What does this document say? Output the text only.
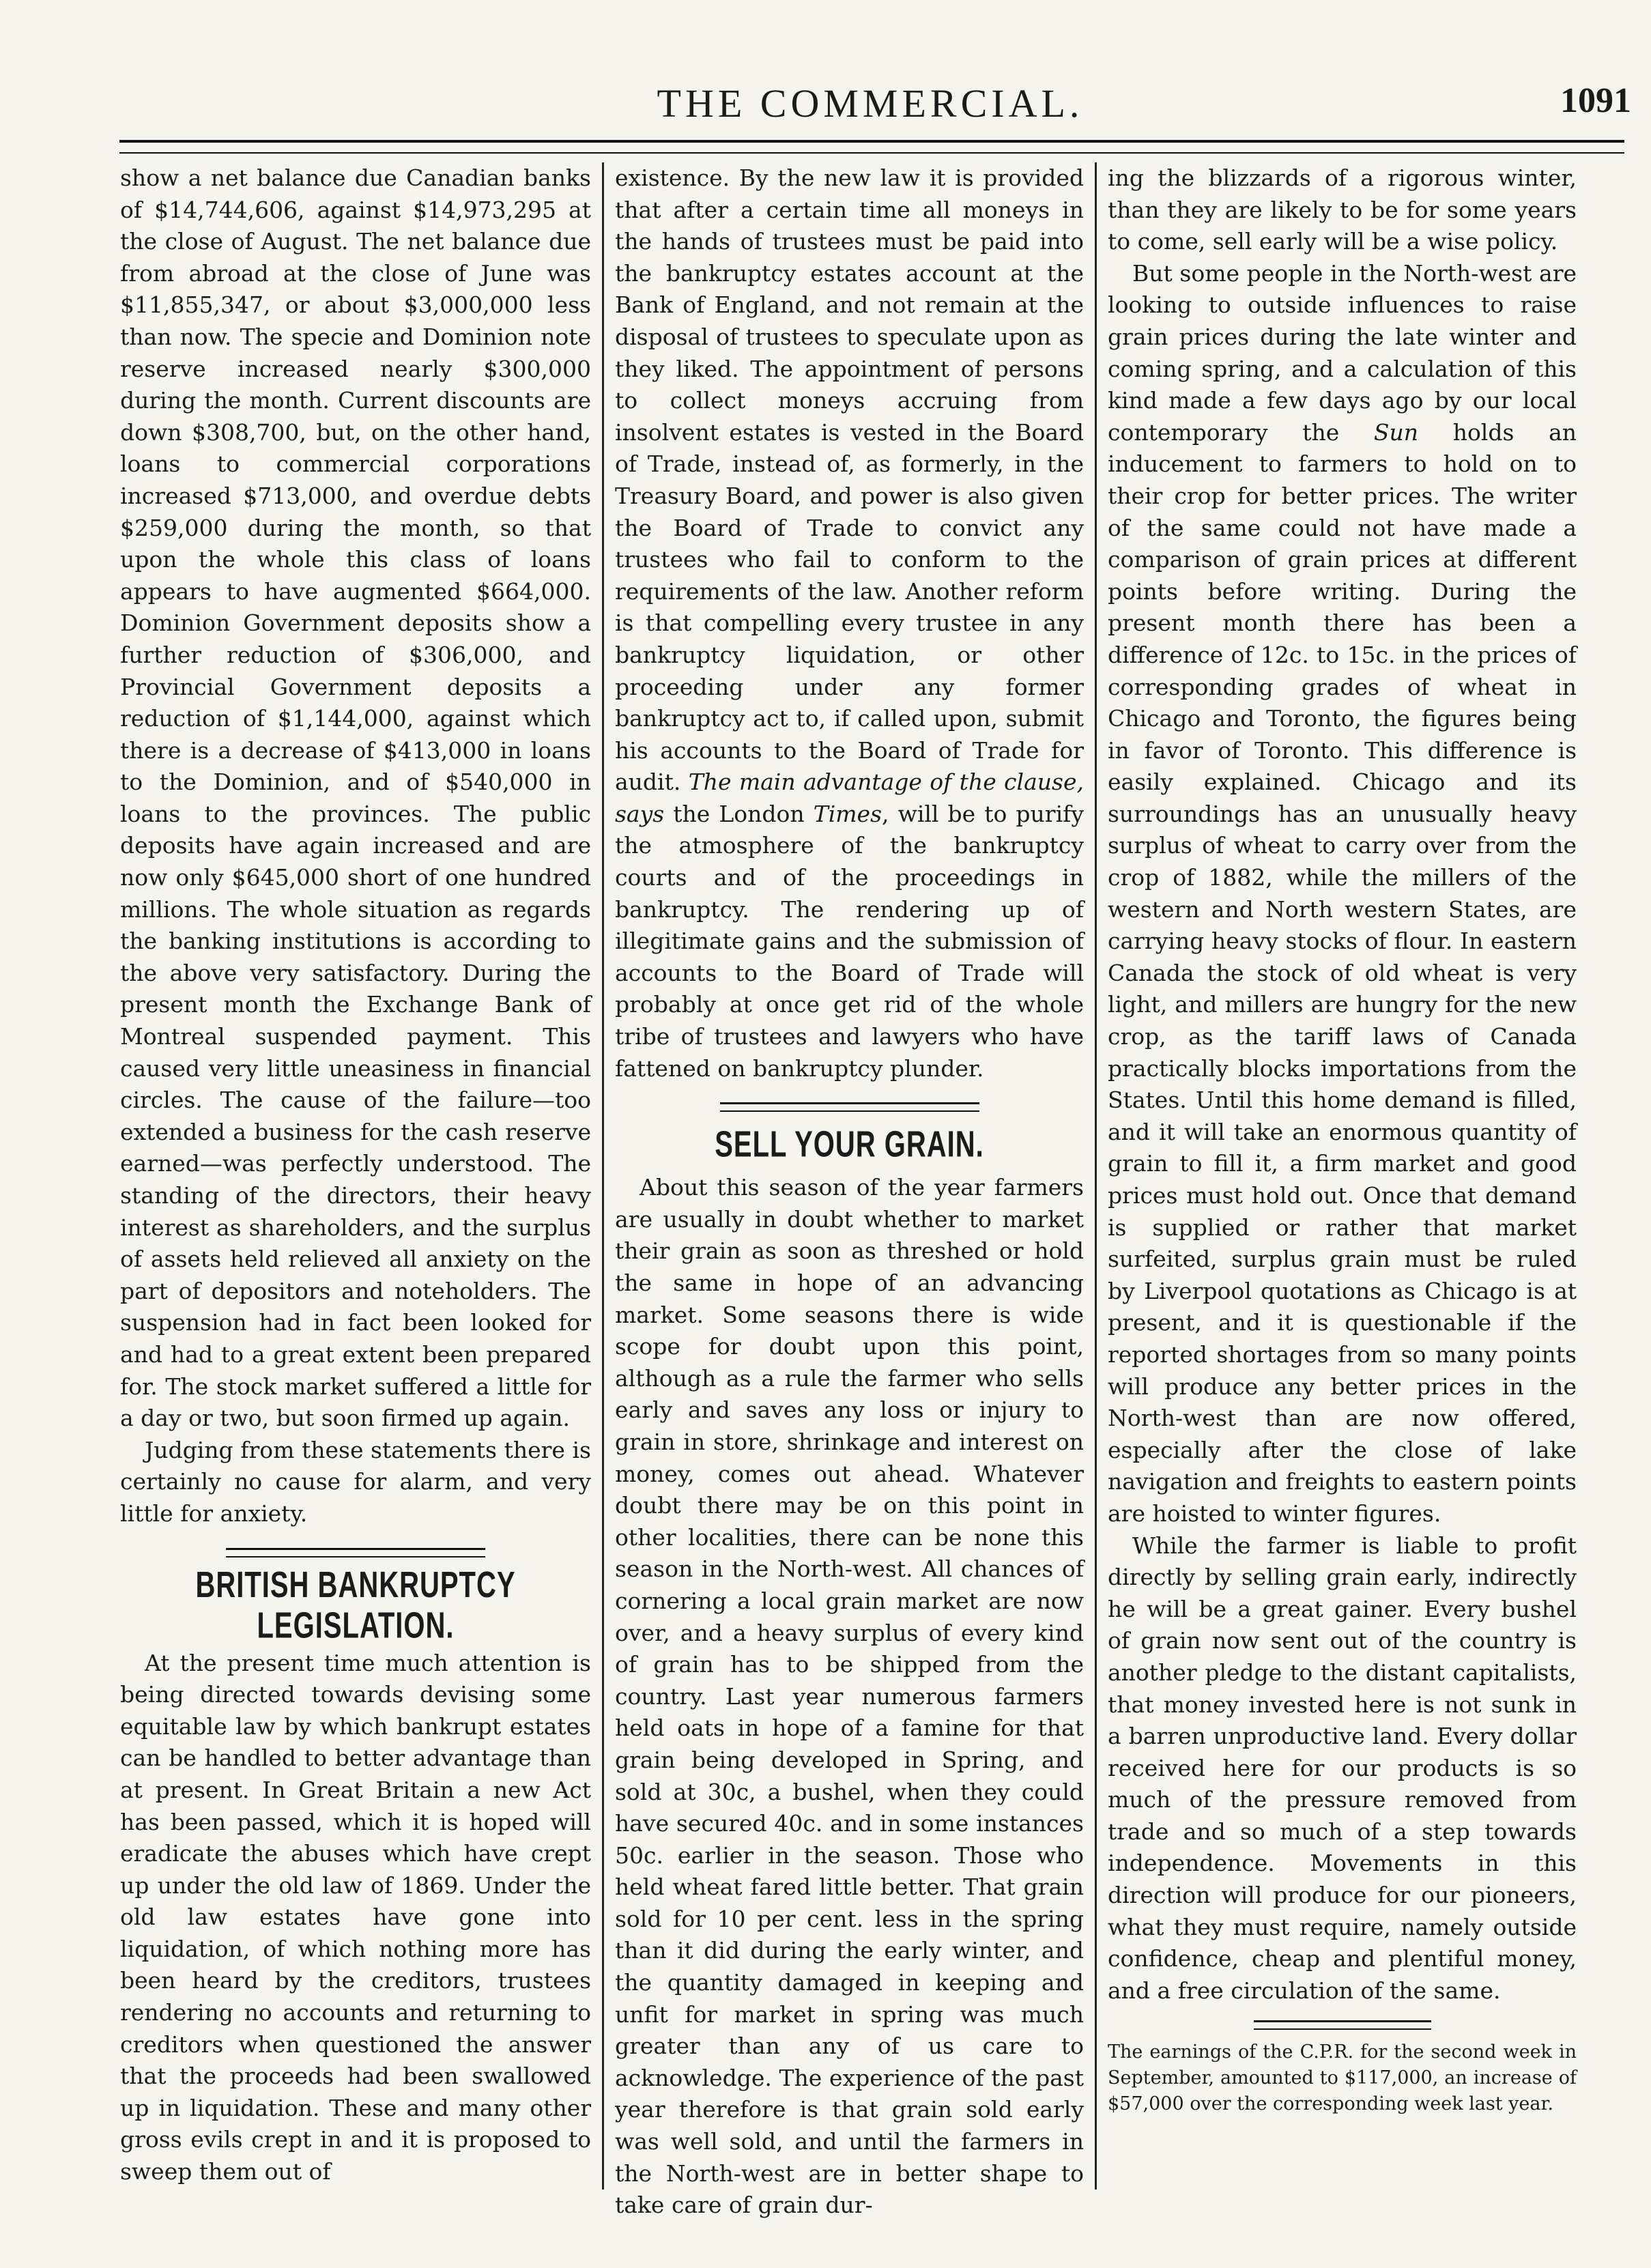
THE COMMERCIAL.	1091

show a net balance due Canadian banks of $14,744,606, against $14,973,295 at the close of August. The net balance due from abroad at the close of June was $11,855,347, or about $3,000,000 less than now. The specie and Dominion note reserve increased nearly $300,000 during the month. Current discounts are down $308,700, but, on the other hand, loans to commercial corporations increased $713,000, and overdue debts $259,000 during the month, so that upon the whole this class of loans appears to have augmented $664,000. Dominion Government deposits show a further reduction of $306,000, and Provincial Government deposits a reduction of $1,144,000, against which there is a decrease of $413,000 in loans to the Dominion, and of $540,000 in loans to the provinces. The public deposits have again increased and are now only $645,000 short of one hundred millions. The whole situation as regards the banking institutions is according to the above very satisfactory. During the present month the Exchange Bank of Montreal suspended payment. This caused very little uneasiness in financial circles. The cause of the failure—too extended a business for the cash reserve earned—was perfectly understood. The standing of the directors, their heavy interest as shareholders, and the surplus of assets held relieved all anxiety on the part of depositors and noteholders. The suspension had in fact been looked for and had to a great extent been prepared for. The stock market suffered a little for a day or two, but soon firmed up again.

Judging from these statements there is certainly no cause for alarm, and very little for anxiety.

BRITISH BANKRUPTCY LEGISLATION.

At the present time much attention is being directed towards devising some equitable law by which bankrupt estates can be handled to better advantage than at present. In Great Britain a new Act has been passed, which it is hoped will eradicate the abuses which have crept up under the old law of 1869. Under the old law estates have gone into liquidation, of which nothing more has been heard by the creditors, trustees rendering no accounts and returning to creditors when questioned the answer that the proceeds had been swallowed up in liquidation. These and many other gross evils crept in and it is proposed to sweep them out of

existence. By the new law it is provided that after a certain time all moneys in the hands of trustees must be paid into the bankruptcy estates account at the Bank of England, and not remain at the disposal of trustees to speculate upon as they liked. The appointment of persons to collect moneys accruing from insolvent estates is vested in the Board of Trade, instead of, as formerly, in the Treasury Board, and power is also given the Board of Trade to convict any trustees who fail to conform to the requirements of the law. Another reform is that compelling every trustee in any bankruptcy liquidation, or other proceeding under any former bankruptcy act to, if called upon, submit his accounts to the Board of Trade for audit. The main advantage of the clause, says the London Times, will be to purify the atmosphere of the bankruptcy courts and of the proceedings in bankruptcy. The rendering up of illegitimate gains and the submission of accounts to the Board of Trade will probably at once get rid of the whole tribe of trustees and lawyers who have fattened on bankruptcy plunder.

SELL YOUR GRAIN.

About this season of the year farmers are usually in doubt whether to market their grain as soon as threshed or hold the same in hope of an advancing market. Some seasons there is wide scope for doubt upon this point, although as a rule the farmer who sells early and saves any loss or injury to grain in store, shrinkage and interest on money, comes out ahead. Whatever doubt there may be on this point in other localities, there can be none this season in the North-west. All chances of cornering a local grain market are now over, and a heavy surplus of every kind of grain has to be shipped from the country. Last year numerous farmers held oats in hope of a famine for that grain being developed in Spring, and sold at 30c, a bushel, when they could have secured 40c. and in some instances 50c. earlier in the season. Those who held wheat fared little better. That grain sold for 10 per cent. less in the spring than it did during the early winter, and the quantity damaged in keeping and unfit for market in spring was much greater than any of us care to acknowledge. The experience of the past year therefore is that grain sold early was well sold, and until the farmers in the North-west are in better shape to take care of grain dur-

ing the blizzards of a rigorous winter, than they are likely to be for some years to come, sell early will be a wise policy.

But some people in the North-west are looking to outside influences to raise grain prices during the late winter and coming spring, and a calculation of this kind made a few days ago by our local contemporary the Sun holds an inducement to farmers to hold on to their crop for better prices. The writer of the same could not have made a comparison of grain prices at different points before writing. During the present month there has been a difference of 12c. to 15c. in the prices of corresponding grades of wheat in Chicago and Toronto, the figures being in favor of Toronto. This difference is easily explained. Chicago and its surroundings has an unusually heavy surplus of wheat to carry over from the crop of 1882, while the millers of the western and North western States, are carrying heavy stocks of flour. In eastern Canada the stock of old wheat is very light, and millers are hungry for the new crop, as the tariff laws of Canada practically blocks importations from the States. Until this home demand is filled, and it will take an enormous quantity of grain to fill it, a firm market and good prices must hold out. Once that demand is supplied or rather that market surfeited, surplus grain must be ruled by Liverpool quotations as Chicago is at present, and it is questionable if the reported shortages from so many points will produce any better prices in the North-west than are now offered, especially after the close of lake navigation and freights to eastern points are hoisted to winter figures.

While the farmer is liable to profit directly by selling grain early, indirectly he will be a great gainer. Every bushel of grain now sent out of the country is another pledge to the distant capitalists, that money invested here is not sunk in a barren unproductive land. Every dollar received here for our products is so much of the pressure removed from trade and so much of a step towards independence. Movements in this direction will produce for our pioneers, what they must require, namely outside confidence, cheap and plentiful money, and a free circulation of the same.

The earnings of the C.P.R. for the second week in September, amounted to $117,000, an increase of $57,000 over the corresponding week last year.
